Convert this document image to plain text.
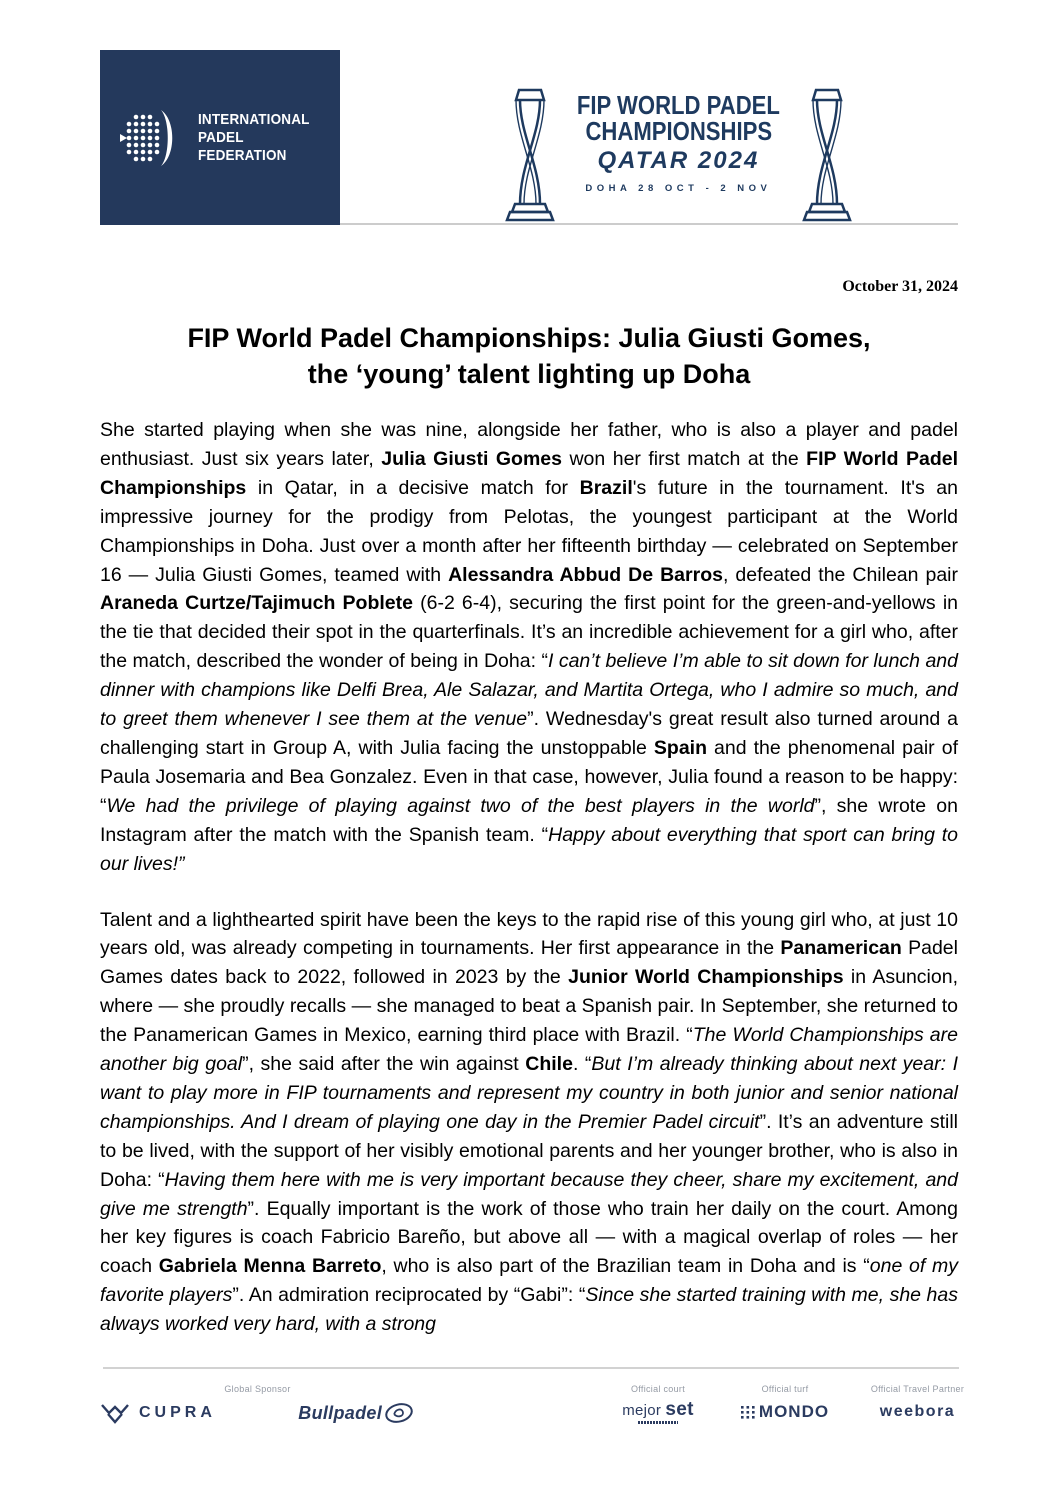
INTERNATIONAL
PADEL
FEDERATION
FIP WORLD PADEL
CHAMPIONSHIPS
QATAR 2024
DOHA 28 OCT - 2 NOV
October 31, 2024
FIP World Padel Championships: Julia Giusti Gomes,
the ‘young’ talent lighting up Doha

She started playing when she was nine, alongside her father, who is also a player and padel enthusiast. Just six years later, Julia Giusti Gomes won her first match at the FIP World Padel Championships in Qatar, in a decisive match for Brazil's future in the tournament. It's an impressive journey for the prodigy from Pelotas, the youngest participant at the World Championships in Doha. Just over a month after her fifteenth birthday — celebrated on September 16 — Julia Giusti Gomes, teamed with Alessandra Abbud De Barros, defeated the Chilean pair Araneda Curtze/Tajimuch Poblete (6-2 6-4), securing the first point for the green-and-yellows in the tie that decided their spot in the quarterfinals. It’s an incredible achievement for a girl who, after the match, described the wonder of being in Doha: “I can’t believe I’m able to sit down for lunch and dinner with champions like Delfi Brea, Ale Salazar, and Martita Ortega, who I admire so much, and to greet them whenever I see them at the venue”. Wednesday's great result also turned around a challenging start in Group A, with Julia facing the unstoppable Spain and the phenomenal pair of Paula Josemaria and Bea Gonzalez. Even in that case, however, Julia found a reason to be happy: “We had the privilege of playing against two of the best players in the world”, she wrote on Instagram after the match with the Spanish team. “Happy about everything that sport can bring to our lives!”

Talent and a lighthearted spirit have been the keys to the rapid rise of this young girl who, at just 10 years old, was already competing in tournaments. Her first appearance in the Panamerican Padel Games dates back to 2022, followed in 2023 by the Junior World Championships in Asuncion, where — she proudly recalls — she managed to beat a Spanish pair. In September, she returned to the Panamerican Games in Mexico, earning third place with Brazil. “The World Championships are another big goal”, she said after the win against Chile. “But I’m already thinking about next year: I want to play more in FIP tournaments and represent my country in both junior and senior national championships. And I dream of playing one day in the Premier Padel circuit”. It’s an adventure still to be lived, with the support of her visibly emotional parents and her younger brother, who is also in Doha: “Having them here with me is very important because they cheer, share my excitement, and give me strength”. Equally important is the work of those who train her daily on the court. Among her key figures is coach Fabricio Bareño, but above all — with a magical overlap of roles — her coach Gabriela Menna Barreto, who is also part of the Brazilian team in Doha and is “one of my favorite players”. An admiration reciprocated by “Gabi”: “Since she started training with me, she has always worked very hard, with a strong

Global Sponsor
CUPRA	Bullpadel
Official court
mejor set
Official turf
MONDO
Official Travel Partner
weebora
